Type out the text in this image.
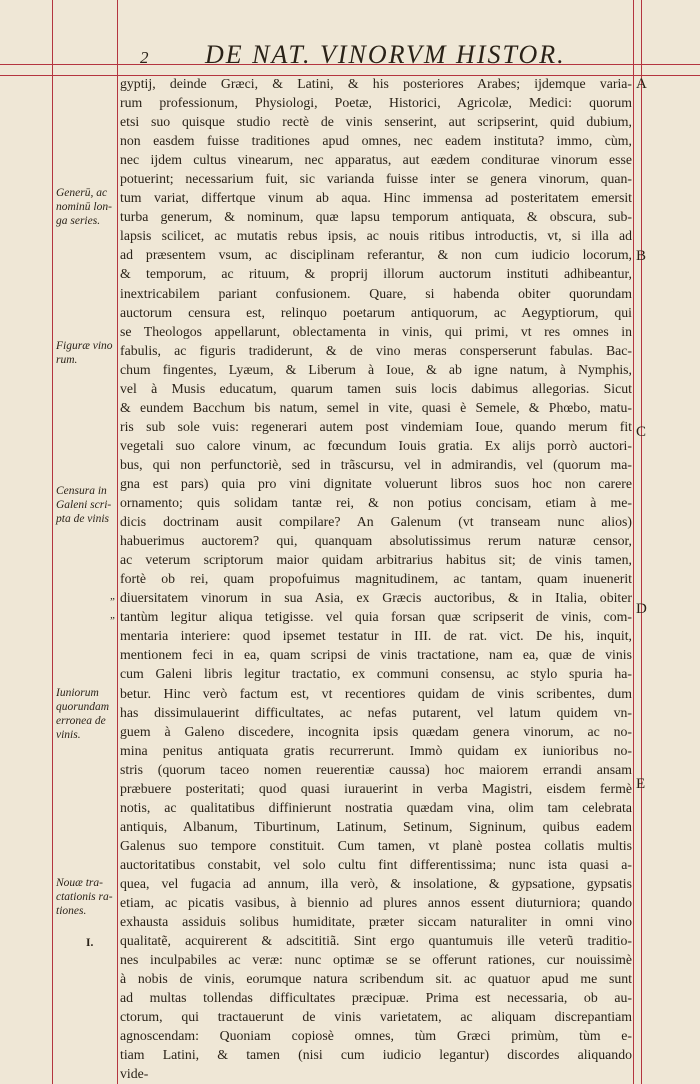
2 DE NAT. VINORVM HISTOR.
A
B
C
D
E
Generū, ac nominū lon-ga series.
Figuræ vino rum.
Censura in Galeni scri-pta de vinis
Iuniorum quorundam erronea de vinis.
Nouæ tra-ctationis ra-tiones.
I.
„
„
gyptij, deinde Græci, & Latini, & his posteriores Arabes; ijdemque varia-
rum professionum, Physiologi, Poetæ, Historici, Agricolæ, Medici: quorum
etsi suo quisque studio rectè de vinis senserint, aut scripserint, quid dubium,
non easdem fuisse traditiones apud omnes, nec eadem instituta? immo, cùm,
nec ijdem cultus vinearum, nec apparatus, aut eædem conditurae vinorum esse
potuerint; necessarium fuit, sic varianda fuisse inter se genera vinorum, quan-
tum variat, differtque vinum ab aqua. Hinc immensa ad posteritatem emersit
turba generum, & nominum, quæ lapsu temporum antiquata, & obscura, sub-
lapsis scilicet, ac mutatis rebus ipsis, ac nouis ritibus introductis, vt, si illa ad
ad præsentem vsum, ac disciplinam referantur, & non cum iudicio locorum,
& temporum, ac rituum, & proprij illorum auctorum instituti adhibeantur,
inextricabilem pariant confusionem. Quare, si habenda obiter quorundam
auctorum censura est, relinquo poetarum antiquorum, ac Aegyptiorum, qui
se Theologos appellarunt, oblectamenta in vinis, qui primi, vt res omnes in
fabulis, ac figuris tradiderunt, & de vino meras consperserunt fabulas. Bac-
chum fingentes, Lyæum, & Liberum à Ioue, & ab igne natum, à Nymphis,
vel à Musis educatum, quarum tamen suis locis dabimus allegorias. Sicut
& eundem Bacchum bis natum, semel in vite, quasi è Semele, & Phœbo, matu-
ris sub sole vuis: regenerari autem post vindemiam Ioue, quando merum fit
vegetali suo calore vinum, ac fœcundum Iouis gratia. Ex alijs porrò auctori-
bus, qui non perfunctoriè, sed in trãscursu, vel in admirandis, vel (quorum ma-
gna est pars) quia pro vini dignitate voluerunt libros suos hoc non carere
ornamento; quis solidam tantæ rei, & non potius concisam, etiam à me-
dicis doctrinam ausit compilare? An Galenum (vt transeam nunc alios)
habuerimus auctorem? qui, quanquam absolutissimus rerum naturæ censor,
ac veterum scriptorum maior quidam arbitrarius habitus sit; de vinis tamen,
fortè ob rei, quam propofuimus magnitudinem, ac tantam, quam inuenerit
diuersitatem vinorum in sua Asia, ex Græcis auctoribus, & in Italia, obiter
tantùm legitur aliqua tetigisse. vel quia forsan quæ scripserit de vinis, com-
mentaria interiere: quod ipsemet testatur in III. de rat. vict. De his, inquit,
mentionem feci in ea, quam scripsi de vinis tractatione, nam ea, quæ de vinis
cum Galeni libris legitur tractatio, ex communi consensu, ac stylo spuria ha-
betur. Hinc verò factum est, vt recentiores quidam de vinis scribentes, dum
has dissimulauerint difficultates, ac nefas putarent, vel latum quidem vn-
guem à Galeno discedere, incognita ipsis quædam genera vinorum, ac no-
mina penitus antiquata gratis recurrerunt. Immò quidam ex iunioribus no-
stris (quorum taceo nomen reuerentiæ caussa) hoc maiorem errandi ansam
præbuere posteritati; quod quasi iurauerint in verba Magistri, eisdem fermè
notis, ac qualitatibus diffinierunt nostratia quædam vina, olim tam celebrata
antiquis, Albanum, Tiburtinum, Latinum, Setinum, Signinum, quibus eadem
Galenus suo tempore constituit. Cum tamen, vt planè postea collatis multis
auctoritatibus constabit, vel solo cultu fint differentissima; nunc ista quasi a-
quea, vel fugacia ad annum, illa verò, & insolatione, & gypsatione, gypsatis
etiam, ac picatis vasibus, à biennio ad plures annos essent diuturniora; quando
exhausta assiduis solibus humiditate, præter siccam naturaliter in omni vino
qualitatẽ, acquirerent & adscititiã. Sint ergo quantumuis ille veterũ traditio-
nes inculpabiles ac veræ: nunc optimæ se se offerunt rationes, cur nouissimè
à nobis de vinis, eorumque natura scribendum sit. ac quatuor apud me sunt
ad multas tollendas difficultates præcipuæ. Prima est necessaria, ob au-
ctorum, qui tractauerunt de vinis varietatem, ac aliquam discrepantiam
agnoscendam: Quoniam copiosè omnes, tùm Græci primùm, tùm e-
tiam Latini, & tamen (nisi cum iudicio legantur) discordes aliquando
vide-
